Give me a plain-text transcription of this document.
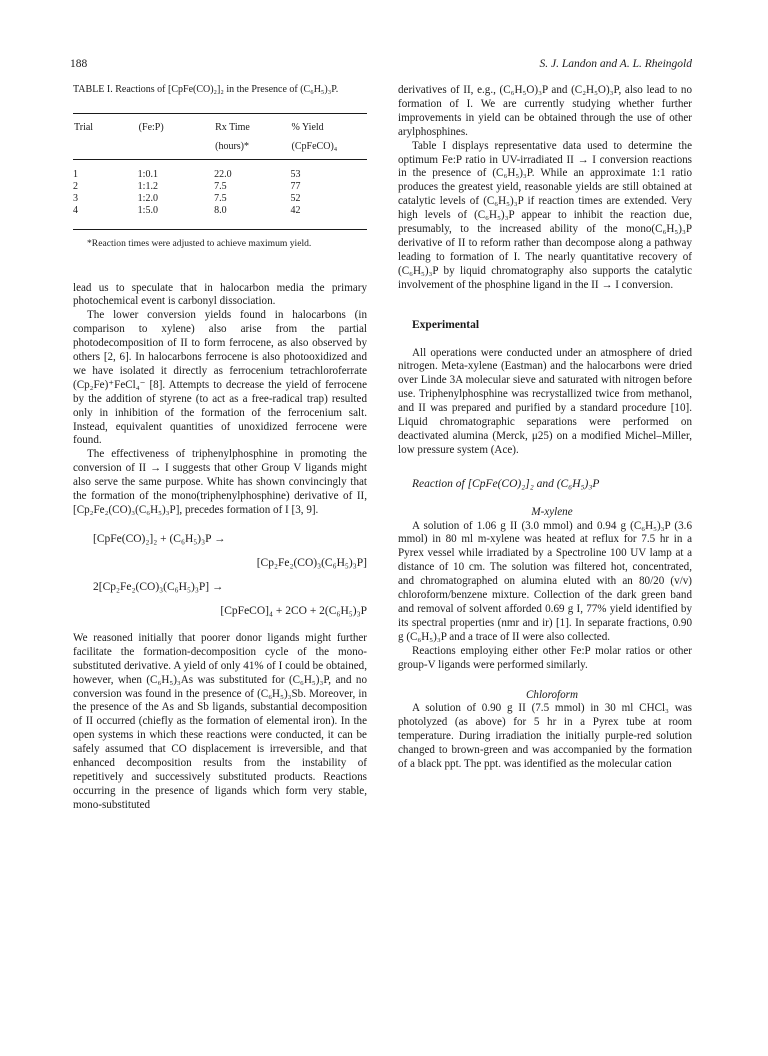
188	S. J. Landon and A. L. Rheingold

TABLE I. Reactions of [CpFe(CO)₂]₂ in the Presence of (C₆H₅)₃P.

Trial	(Fe:P)	Rx Time	% Yield
		(hours)*	(CpFeCO)₄
1	1:0.1	22.0	53
2	1:1.2	7.5	77
3	1:2.0	7.5	52
4	1:5.0	8.0	42

*Reaction times were adjusted to achieve maximum yield.

lead us to speculate that in halocarbon media the primary photochemical event is carbonyl dissociation.

The lower conversion yields found in halocarbons (in comparison to xylene) also arise from the partial photodecomposition of II to form ferrocene, as also observed by others [2, 6]. In halocarbons ferrocene is also photooxidized and we have isolated it directly as ferrocenium tetrachloroferrate (Cp₂Fe)⁺FeCl₄⁻ [8]. Attempts to decrease the yield of ferrocene by the addition of styrene (to act as a free-radical trap) resulted only in inhibition of the formation of the ferrocenium salt. Instead, equivalent quantities of unoxidized ferrocene were found.

The effectiveness of triphenylphosphine in promoting the conversion of II → I suggests that other Group V ligands might also serve the same purpose. White has shown convincingly that the formation of the mono(triphenylphosphine) derivative of II, [Cp₂Fe₂(CO)₃(C₆H₅)₃P], precedes formation of I [3, 9].

[CpFe(CO)₂]₂ + (C₆H₅)₃P →
[Cp₂Fe₂(CO)₃(C₆H₅)₃P]
2[Cp₂Fe₂(CO)₃(C₆H₅)₃P] →
[CpFeCO]₄ + 2CO + 2(C₆H₅)₃P

We reasoned initially that poorer donor ligands might further facilitate the formation-decomposition cycle of the mono-substituted derivative. A yield of only 41% of I could be obtained, however, when (C₆H₅)₃As was substituted for (C₆H₅)₃P, and no conversion was found in the presence of (C₆H₅)₃Sb. Moreover, in the presence of the As and Sb ligands, substantial decomposition of II occurred (chiefly as the formation of elemental iron). In the open systems in which these reactions were conducted, it can be safely assumed that CO displacement is irreversible, and that enhanced decomposition results from the instability of repetitively and successively substituted products. Reactions occurring in the presence of ligands which form very stable, mono-substituted

derivatives of II, e.g., (C₆H₅O)₃P and (C₂H₅O)₃P, also lead to no formation of I. We are currently studying whether further improvements in yield can be obtained through the use of other arylphosphines.

Table I displays representative data used to determine the optimum Fe:P ratio in UV-irradiated II → I conversion reactions in the presence of (C₆H₅)₃P. While an approximate 1:1 ratio produces the greatest yield, reasonable yields are still obtained at catalytic levels of (C₆H₅)₃P if reaction times are extended. Very high levels of (C₆H₅)₃P appear to inhibit the reaction due, presumably, to the increased ability of the mono(C₆H₅)₃P derivative of II to reform rather than decompose along a pathway leading to formation of I. The nearly quantitative recovery of (C₆H₅)₃P by liquid chromatography also supports the catalytic involvement of the phosphine ligand in the II → I conversion.

Experimental

All operations were conducted under an atmosphere of dried nitrogen. Meta-xylene (Eastman) and the halocarbons were dried over Linde 3A molecular sieve and saturated with nitrogen before use. Triphenylphosphine was recrystallized twice from methanol, and II was prepared and purified by a standard procedure [10]. Liquid chromatographic separations were performed on deactivated alumina (Merck, μ25) on a modified Michel–Miller, low pressure system (Ace).

Reaction of [CpFe(CO)₂]₂ and (C₆H₅)₃P

M-xylene

A solution of 1.06 g II (3.0 mmol) and 0.94 g (C₆H₅)₃P (3.6 mmol) in 80 ml m-xylene was heated at reflux for 7.5 hr in a Pyrex vessel while irradiated by a Spectroline 100 UV lamp at a distance of 10 cm. The solution was filtered hot, concentrated, and chromatographed on alumina eluted with an 80/20 (v/v) chloroform/benzene mixture. Collection of the dark green band and removal of solvent afforded 0.69 g I, 77% yield identified by its spectral properties (nmr and ir) [1]. In separate fractions, 0.90 g (C₆H₅)₃P and a trace of II were also collected.

Reactions employing either other Fe:P molar ratios or other group-V ligands were performed similarly.

Chloroform

A solution of 0.90 g II (7.5 mmol) in 30 ml CHCl₃ was photolyzed (as above) for 5 hr in a Pyrex tube at room temperature. During irradiation the initially purple-red solution changed to brown-green and was accompanied by the formation of a black ppt. The ppt. was identified as the molecular cation
